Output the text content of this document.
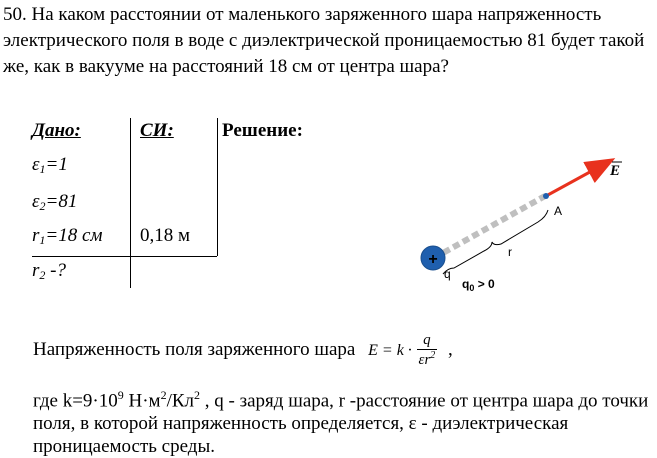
50. На каком расстоянии от маленького заряженного шара напряженность электрического поля в воде с диэлектрической проницаемостью 81 будет такой же, как в вакууме на расстояний 18 см от центра шара?

Дано:	СИ:
$\varepsilon_1=1$
$\varepsilon_2=81$
$r_1=18$ см 0,18 м
$r_2$ -?
Решение:
+
E
A
r
q
$q_0 > 0$
Напряженность поля заряженного шара $E = k \cdot \frac{q}{\varepsilon r^2}$ ,
где $k=9\cdot 10^9$ $Н\cdot м^2/Кл^2$ , q - заряд шара, r -расстояние от центра шара до точки
поля, в которой напряженность определяется, ε - диэлектрическая
проницаемость среды.
